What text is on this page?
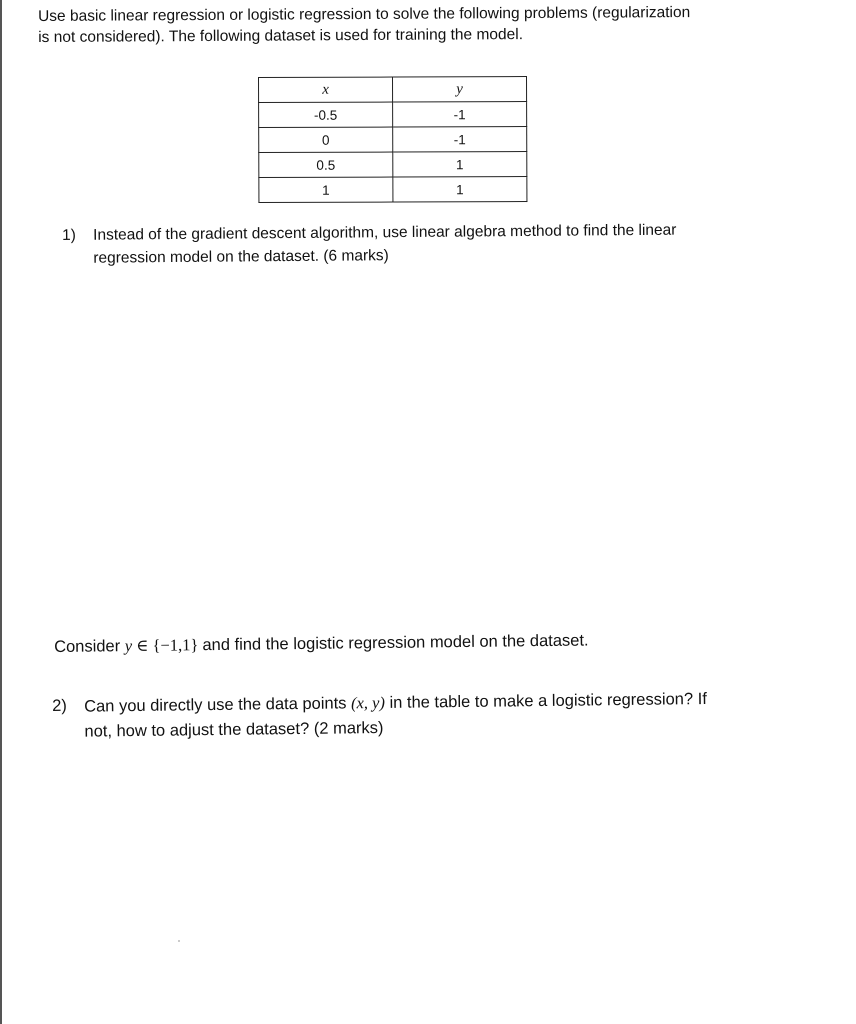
Use basic linear regression or logistic regression to solve the following problems (regularization
is not considered). The following dataset is used for training the model.

x	y
-0.5	-1
0	-1
0.5	1
1	1
1)	Instead of the gradient descent algorithm, use linear algebra method to find the linear
regression model on the dataset. (6 marks)
Consider y ∈ {−1,1} and find the logistic regression model on the dataset.
2)	Can you directly use the data points (x, y) in the table to make a logistic regression? If
not, how to adjust the dataset? (2 marks)
